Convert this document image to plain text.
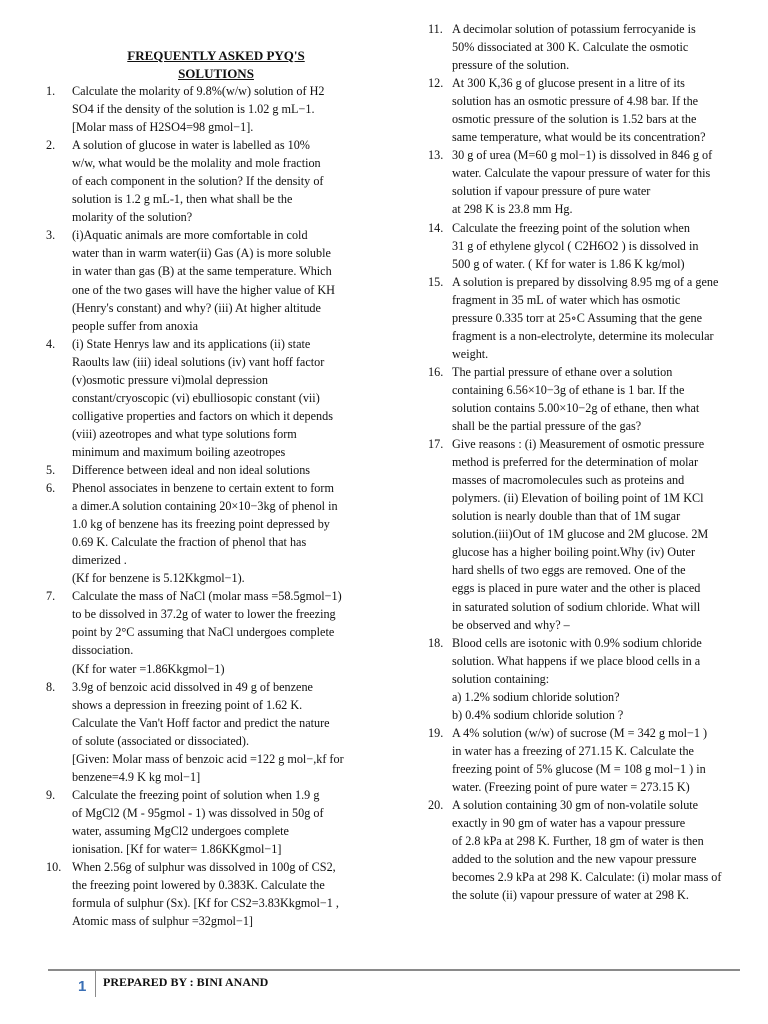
FREQUENTLY ASKED PYQ'S
SOLUTIONS
1.	Calculate the molarity of 9.8%(w/w) solution of H2
SO4 if the density of the solution is 1.02 g mL−1.
[Molar mass of H2SO4=98 gmol−1].
2.	A solution of glucose in water is labelled as 10%
w/w, what would be the molality and mole fraction
of each component in the solution? If the density of
solution is 1.2 g mL-1, then what shall be the
molarity of the solution?
3.	(i)Aquatic animals are more comfortable in cold
water than in warm water(ii) Gas (A) is more soluble
in water than gas (B) at the same temperature. Which
one of the two gases will have the higher value of KH
(Henry's constant) and why? (iii) At higher altitude
people suffer from anoxia
4.	(i) State Henrys law and its applications (ii) state
Raoults law (iii) ideal solutions (iv) vant hoff factor
(v)osmotic pressure vi)molal depression
constant/cryoscopic (vi) ebulliosopic constant (vii)
colligative properties and factors on which it depends
(viii) azeotropes and what type solutions form
minimum and maximum boiling azeotropes
5.	Difference between ideal and non ideal solutions
6.	Phenol associates in benzene to certain extent to form
a dimer.A solution containing 20×10−3kg of phenol in
1.0 kg of benzene has its freezing point depressed by
0.69 K. Calculate the fraction of phenol that has
dimerized .
(Kf for benzene is 5.12Kkgmol−1).
7.	Calculate the mass of NaCl (molar mass =58.5gmol−1)
to be dissolved in 37.2g of water to lower the freezing
point by 2°C assuming that NaCl undergoes complete
dissociation.
(Kf for water =1.86Kkgmol−1)
8.	3.9g of benzoic acid dissolved in 49 g of benzene
shows a depression in freezing point of 1.62 K.
Calculate the Van't Hoff factor and predict the nature
of solute (associated or dissociated).
[Given: Molar mass of benzoic acid =122 g mol−,kf for
benzene=4.9 K kg mol−1]
9.	Calculate the freezing point of solution when 1.9 g
of MgCl2 (M - 95gmol - 1) was dissolved in 50g of
water, assuming MgCl2 undergoes complete
ionisation. [Kf for water= 1.86KKgmol−1]
10. When 2.56g of sulphur was dissolved in 100g of CS2,
the freezing point lowered by 0.383K. Calculate the
formula of sulphur (Sx). [Kf for CS2=3.83Kkgmol−1 ,
Atomic mass of sulphur =32gmol−1]
11. A decimolar solution of potassium ferrocyanide is
50% dissociated at 300 K. Calculate the osmotic
pressure of the solution.
12. At 300 K,36 g of glucose present in a litre of its
solution has an osmotic pressure of 4.98 bar. If the
osmotic pressure of the solution is 1.52 bars at the
same temperature, what would be its concentration?
13. 30 g of urea (M=60 g mol−1) is dissolved in 846 g of
water. Calculate the vapour pressure of water for this
solution if vapour pressure of pure water
at 298 K is 23.8 mm Hg.
14. Calculate the freezing point of the solution when
31 g of ethylene glycol ( C2H6O2 ) is dissolved in
500 g of water. ( Kf for water is 1.86 K kg/mol)
15. A solution is prepared by dissolving 8.95 mg of a gene
fragment in 35 mL of water which has osmotic
pressure 0.335 torr at 25∘C Assuming that the gene
fragment is a non-electrolyte, determine its molecular
weight.
16. The partial pressure of ethane over a solution
containing 6.56×10−3g of ethane is 1 bar. If the
solution contains 5.00×10−2g of ethane, then what
shall be the partial pressure of the gas?
17. Give reasons : (i) Measurement of osmotic pressure
method is preferred for the determination of molar
masses of macromolecules such as proteins and
polymers. (ii) Elevation of boiling point of 1M KCl
solution is nearly double than that of 1M sugar
solution.(iii)Out of 1M glucose and 2M glucose. 2M
glucose has a higher boiling point.Why (iv) Outer
hard shells of two eggs are removed. One of the
eggs is placed in pure water and the other is placed
in saturated solution of sodium chloride. What will
be observed and why? –
18. Blood cells are isotonic with 0.9% sodium chloride
solution. What happens if we place blood cells in a
solution containing:
a) 1.2% sodium chloride solution?
b) 0.4% sodium chloride solution ?
19. A 4% solution (w/w) of sucrose (M = 342 g mol−1 )
in water has a freezing of 271.15 K. Calculate the
freezing point of 5% glucose (M = 108 g mol−1 ) in
water. (Freezing point of pure water = 273.15 K)
20. A solution containing 30 gm of non-volatile solute
exactly in 90 gm of water has a vapour pressure
of 2.8 kPa at 298 K. Further, 18 gm of water is then
added to the solution and the new vapour pressure
becomes 2.9 kPa at 298 K. Calculate: (i) molar mass of
the solute (ii) vapour pressure of water at 298 K.
1 PREPARED BY : BINI ANAND
